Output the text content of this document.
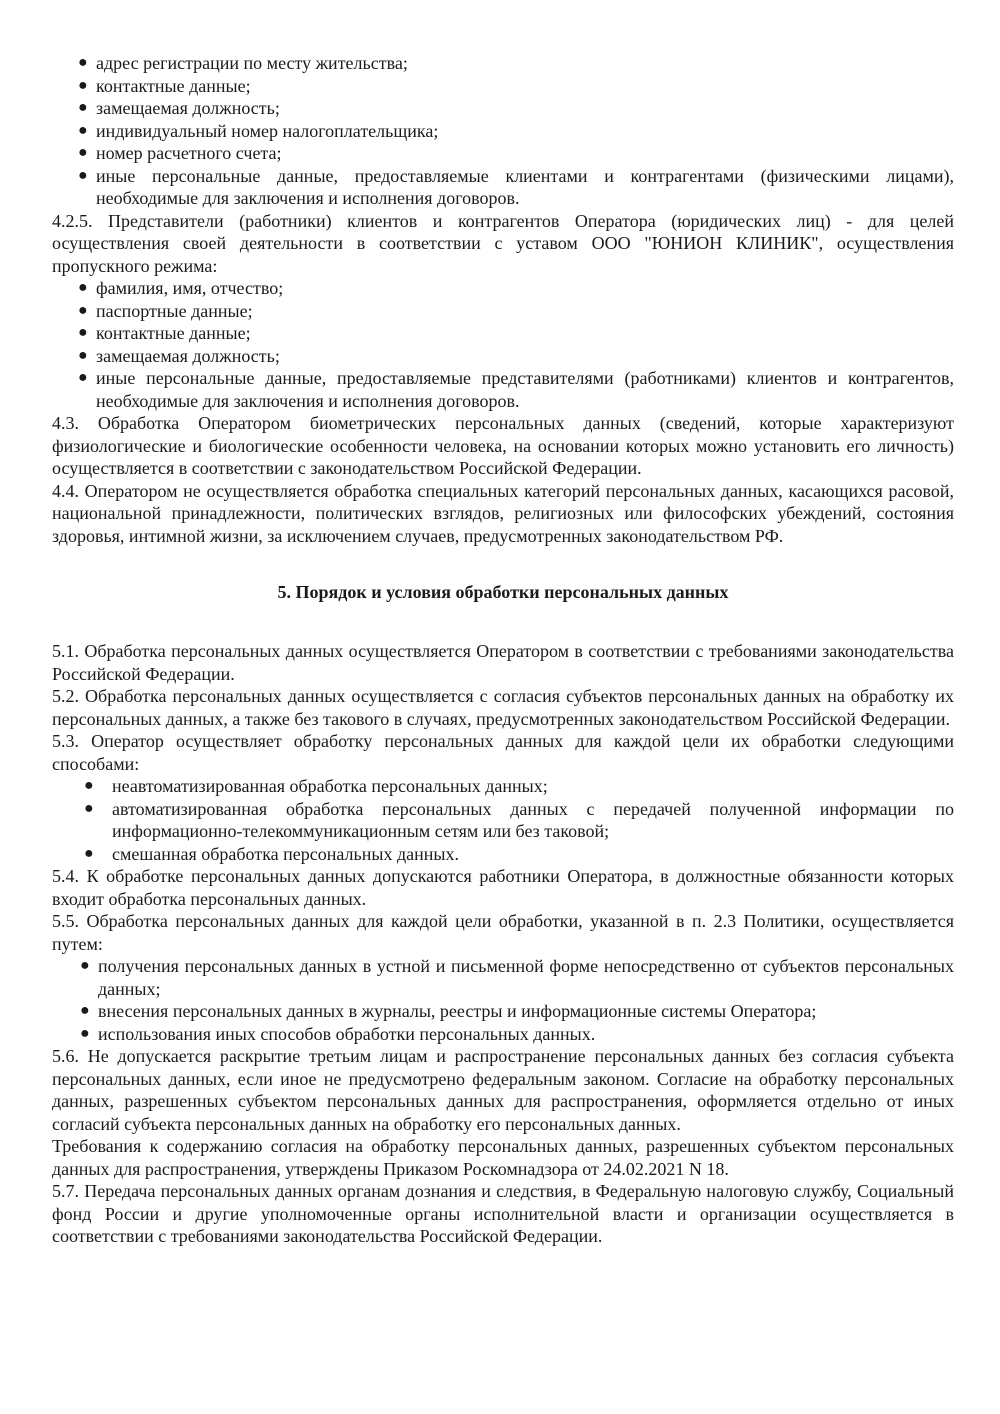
● адрес регистрации по месту жительства;
● контактные данные;
● замещаемая должность;
● индивидуальный номер налогоплательщика;
● номер расчетного счета;
● иные персональные данные, предоставляемые клиентами и контрагентами (физическими лицами), необходимые для заключения и исполнения договоров.

4.2.5. Представители (работники) клиентов и контрагентов Оператора (юридических лиц) - для целей осуществления своей деятельности в соответствии с уставом ООО "ЮНИОН КЛИНИК", осуществления пропускного режима:

● фамилия, имя, отчество;
● паспортные данные;
● контактные данные;
● замещаемая должность;
● иные персональные данные, предоставляемые представителями (работниками) клиентов и контрагентов, необходимые для заключения и исполнения договоров.

4.3. Обработка Оператором биометрических персональных данных (сведений, которые характеризуют физиологические и биологические особенности человека, на основании которых можно установить его личность) осуществляется в соответствии с законодательством Российской Федерации.

4.4. Оператором не осуществляется обработка специальных категорий персональных данных, касающихся расовой, национальной принадлежности, политических взглядов, религиозных или философских убеждений, состояния здоровья, интимной жизни, за исключением случаев, предусмотренных законодательством РФ.

5. Порядок и условия обработки персональных данных

5.1. Обработка персональных данных осуществляется Оператором в соответствии с требованиями законодательства Российской Федерации.

5.2. Обработка персональных данных осуществляется с согласия субъектов персональных данных на обработку их персональных данных, а также без такового в случаях, предусмотренных законодательством Российской Федерации.

5.3. Оператор осуществляет обработку персональных данных для каждой цели их обработки следующими способами:

● неавтоматизированная обработка персональных данных;
● автоматизированная обработка персональных данных с передачей полученной информации по информационно-телекоммуникационным сетям или без таковой;
● смешанная обработка персональных данных.

5.4. К обработке персональных данных допускаются работники Оператора, в должностные обязанности которых входит обработка персональных данных.

5.5. Обработка персональных данных для каждой цели обработки, указанной в п. 2.3 Политики, осуществляется путем:

● получения персональных данных в устной и письменной форме непосредственно от субъектов персональных данных;
● внесения персональных данных в журналы, реестры и информационные системы Оператора;
● использования иных способов обработки персональных данных.

5.6. Не допускается раскрытие третьим лицам и распространение персональных данных без согласия субъекта персональных данных, если иное не предусмотрено федеральным законом. Согласие на обработку персональных данных, разрешенных субъектом персональных данных для распространения, оформляется отдельно от иных согласий субъекта персональных данных на обработку его персональных данных.

Требования к содержанию согласия на обработку персональных данных, разрешенных субъектом персональных данных для распространения, утверждены Приказом Роскомнадзора от 24.02.2021 N 18.

5.7. Передача персональных данных органам дознания и следствия, в Федеральную налоговую службу, Социальный фонд России и другие уполномоченные органы исполнительной власти и организации осуществляется в соответствии с требованиями законодательства Российской Федерации.
